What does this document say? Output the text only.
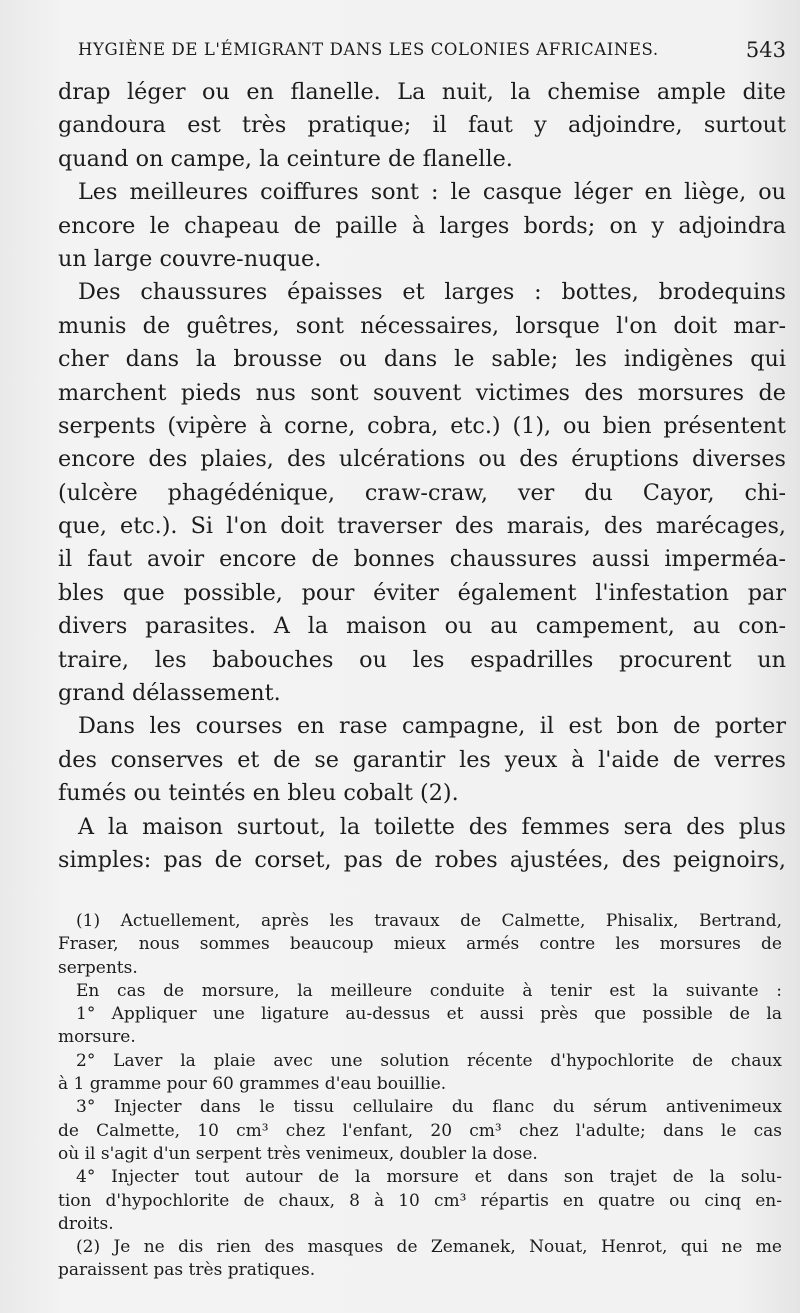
HYGIÈNE DE L'ÉMIGRANT DANS LES COLONIES AFRICAINES.	543
drap léger ou en flanelle. La nuit, la chemise ample dite
gandoura est très pratique; il faut y adjoindre, surtout
quand on campe, la ceinture de flanelle.
Les meilleures coiffures sont : le casque léger en liège, ou
encore le chapeau de paille à larges bords; on y adjoindra
un large couvre-nuque.
Des chaussures épaisses et larges : bottes, brodequins
munis de guêtres, sont nécessaires, lorsque l'on doit mar-
cher dans la brousse ou dans le sable; les indigènes qui
marchent pieds nus sont souvent victimes des morsures de
serpents (vipère à corne, cobra, etc.) (1), ou bien présentent
encore des plaies, des ulcérations ou des éruptions diverses
(ulcère phagédénique, craw-craw, ver du Cayor, chi-
que, etc.). Si l'on doit traverser des marais, des marécages,
il faut avoir encore de bonnes chaussures aussi imperméa-
bles que possible, pour éviter également l'infestation par
divers parasites. A la maison ou au campement, au con-
traire, les babouches ou les espadrilles procurent un
grand délassement.
Dans les courses en rase campagne, il est bon de porter
des conserves et de se garantir les yeux à l'aide de verres
fumés ou teintés en bleu cobalt (2).
A la maison surtout, la toilette des femmes sera des plus
simples: pas de corset, pas de robes ajustées, des peignoirs,
(1) Actuellement, après les travaux de Calmette, Phisalix, Bertrand,
Fraser, nous sommes beaucoup mieux armés contre les morsures de
serpents.
En cas de morsure, la meilleure conduite à tenir est la suivante :
1° Appliquer une ligature au-dessus et aussi près que possible de la
morsure.
2° Laver la plaie avec une solution récente d'hypochlorite de chaux
à 1 gramme pour 60 grammes d'eau bouillie.
3° Injecter dans le tissu cellulaire du flanc du sérum antivenimeux
de Calmette, 10 cm³ chez l'enfant, 20 cm³ chez l'adulte; dans le cas
où il s'agit d'un serpent très venimeux, doubler la dose.
4° Injecter tout autour de la morsure et dans son trajet de la solu-
tion d'hypochlorite de chaux, 8 à 10 cm³ répartis en quatre ou cinq en-
droits.
(2) Je ne dis rien des masques de Zemanek, Nouat, Henrot, qui ne me
paraissent pas très pratiques.
